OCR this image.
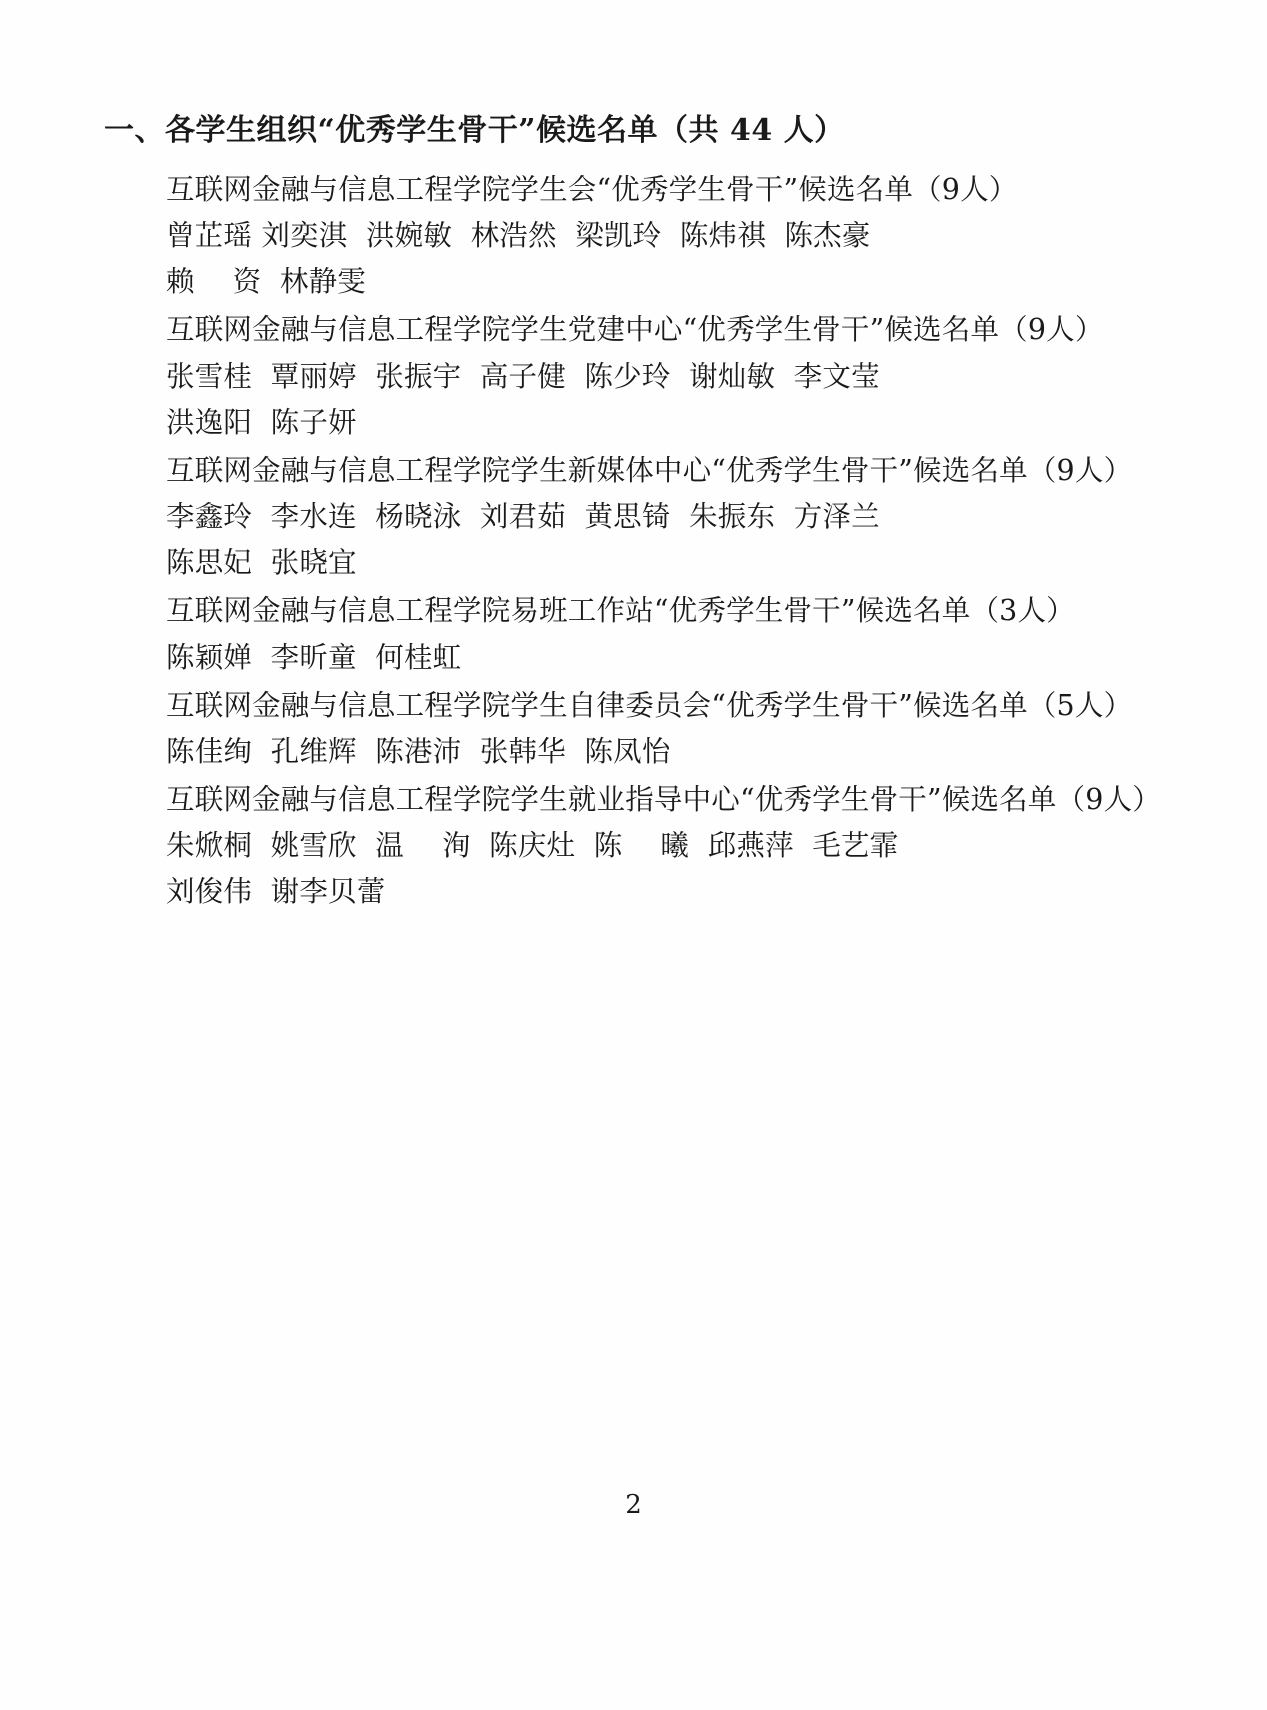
一、各学生组织“优秀学生骨干”候选名单（共 44 人）

互联网金融与信息工程学院学生会“优秀学生骨干”候选名单（9人）

曾芷瑶 刘奕淇  洪婉敏  林浩然  梁凯玲  陈炜祺  陈杰豪

赖　 资  林静雯

互联网金融与信息工程学院学生党建中心“优秀学生骨干”候选名单（9人）

张雪桂  覃丽婷  张振宇  高子健  陈少玲  谢灿敏  李文莹

洪逸阳  陈子妍

互联网金融与信息工程学院学生新媒体中心“优秀学生骨干”候选名单（9人）

李鑫玲  李水连  杨晓泳  刘君茹  黄思锜  朱振东  方泽兰

陈思妃  张晓宜

互联网金融与信息工程学院易班工作站“优秀学生骨干”候选名单（3人）

陈颖婵  李昕童  何桂虹

互联网金融与信息工程学院学生自律委员会“优秀学生骨干”候选名单（5人）

陈佳绚  孔维辉  陈港沛  张韩华  陈凤怡

互联网金融与信息工程学院学生就业指导中心“优秀学生骨干”候选名单（9人）

朱焮桐  姚雪欣  温　 洵  陈庆灶  陈　 曦  邱燕萍  毛艺霏

刘俊伟  谢李贝蕾

2
